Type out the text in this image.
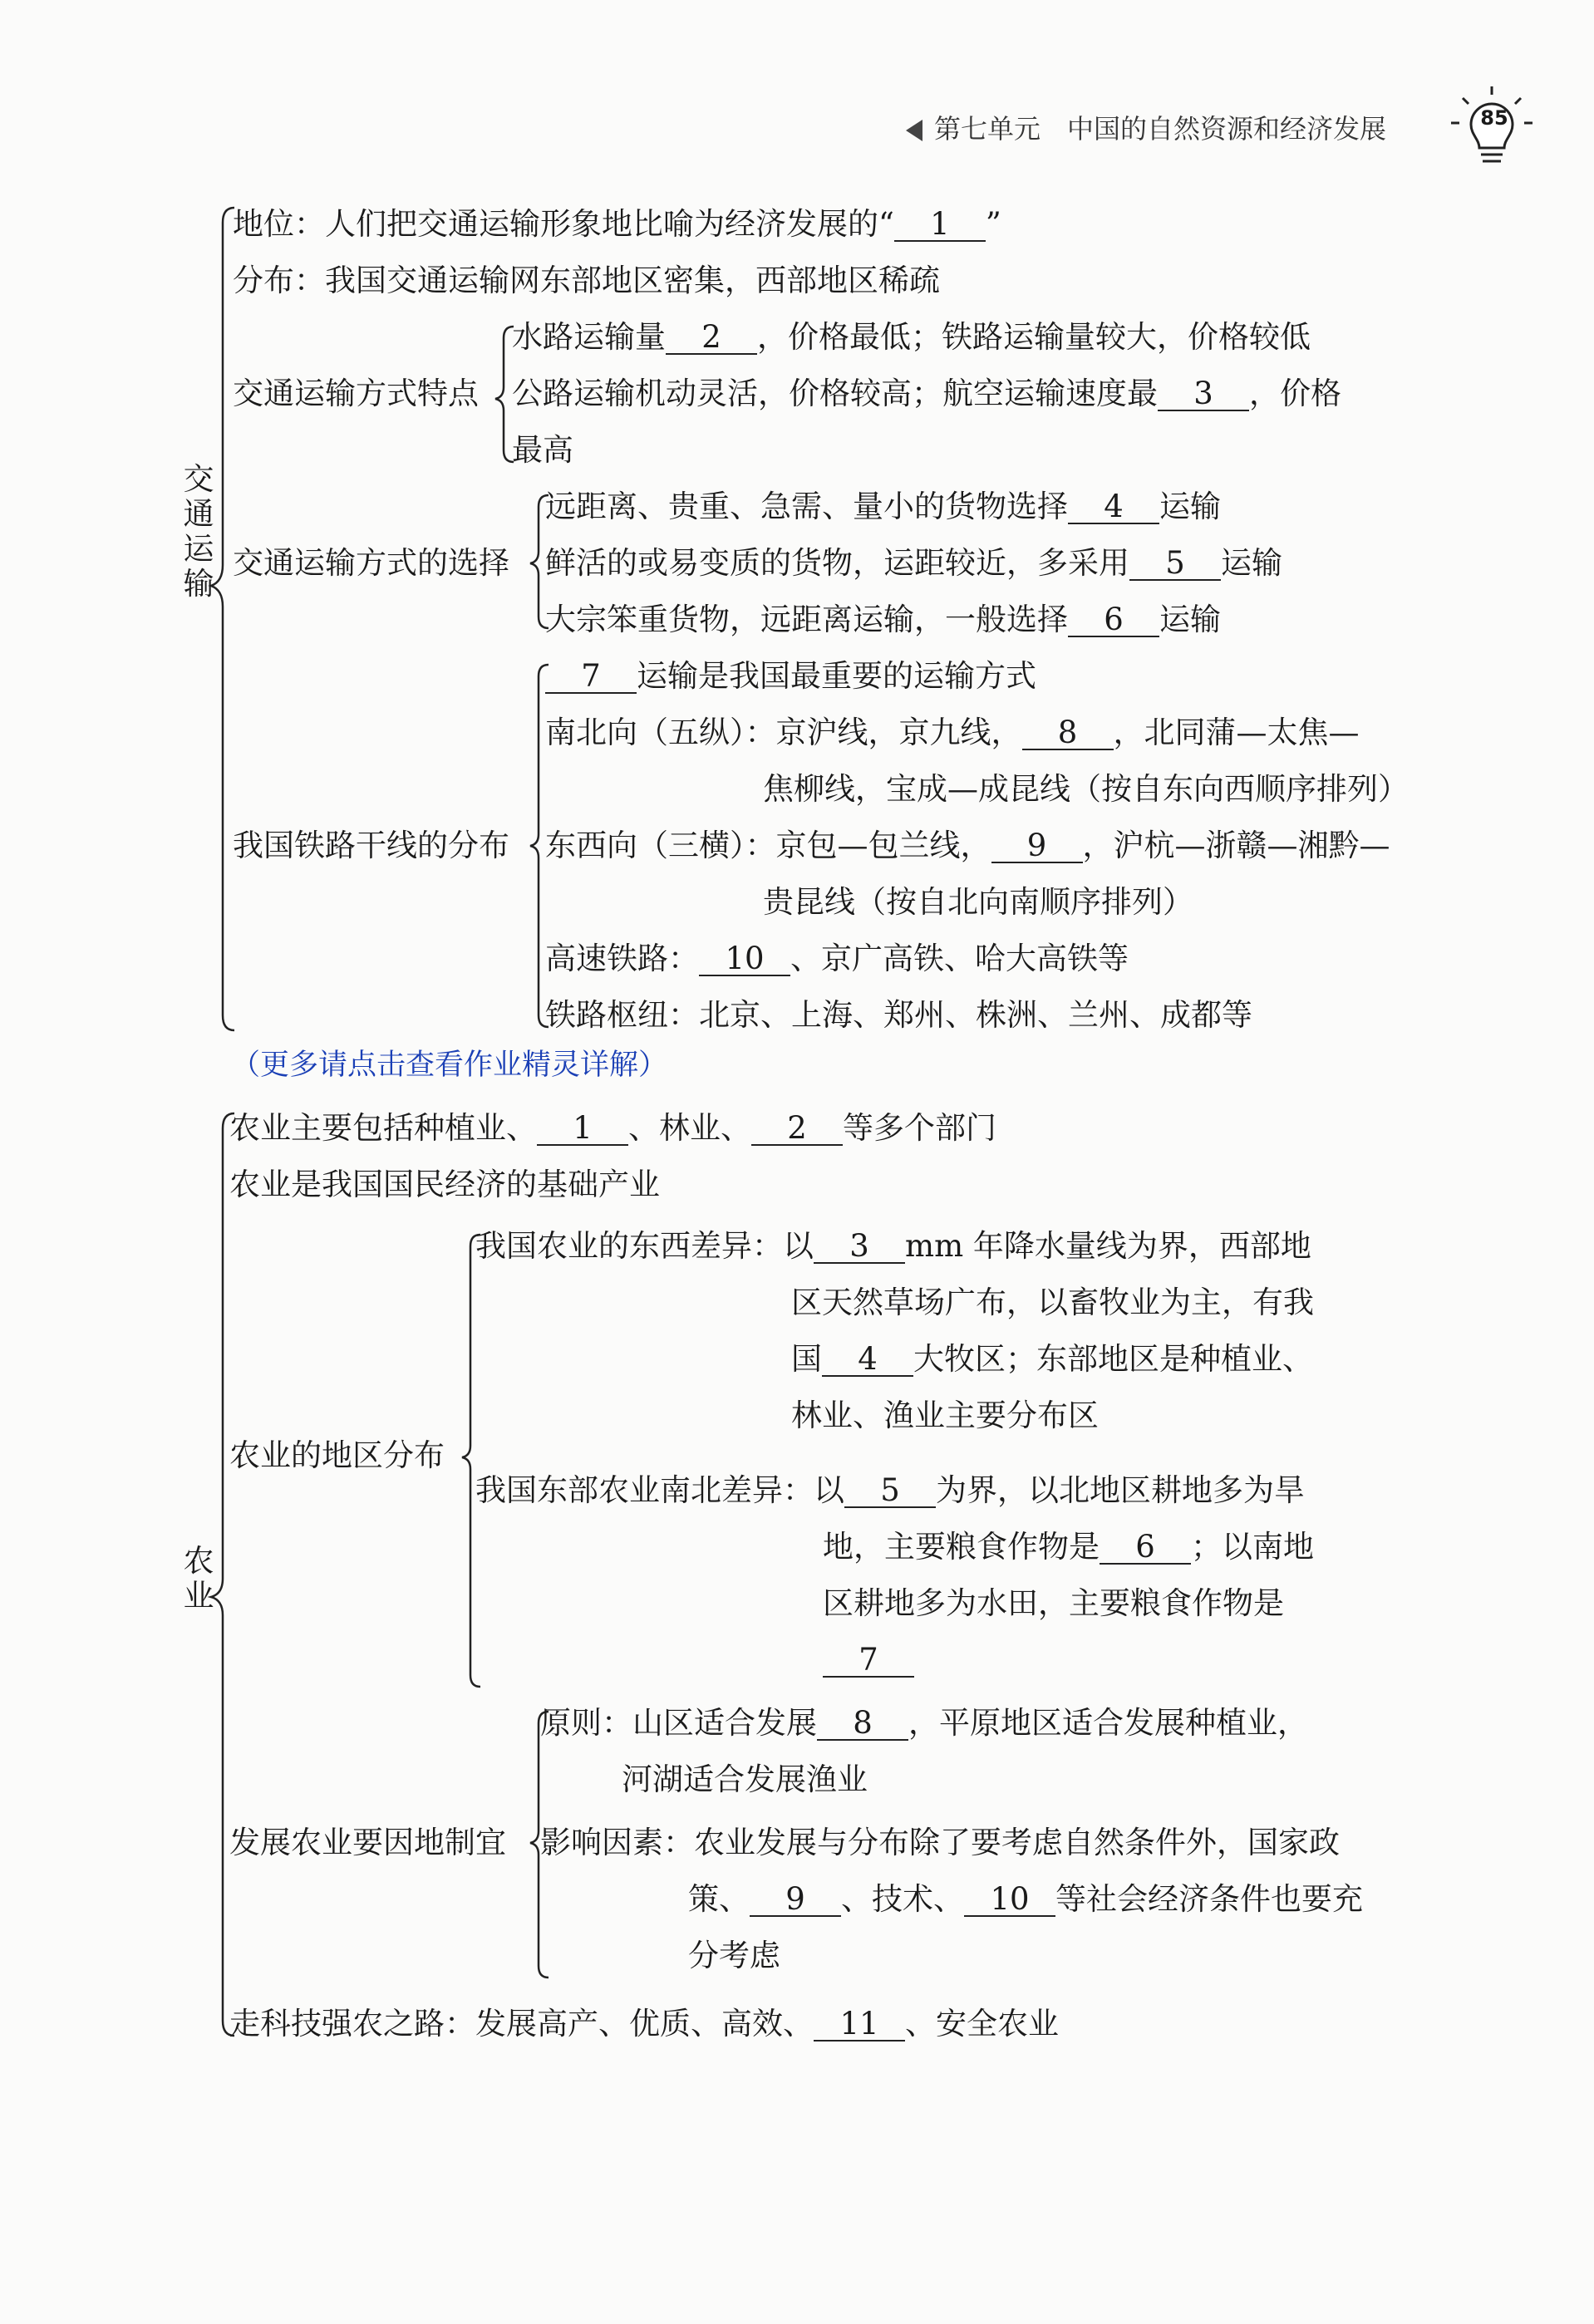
第七单元 中国的自然资源和经济发展	85
交通运输
地位：人们把交通运输形象地比喻为经济发展的“ 1 ”
分布：我国交通运输网东部地区密集，西部地区稀疏
交通运输方式特点
水路运输量 2 ，价格最低；铁路运输量较大，价格较低
公路运输机动灵活，价格较高；航空运输速度最 3 ，价格
最高
交通运输方式的选择
远距离、贵重、急需、量小的货物选择 4 运输
鲜活的或易变质的货物，运距较近，多采用 5 运输
大宗笨重货物，远距离运输，一般选择 6 运输
我国铁路干线的分布
7 运输是我国最重要的运输方式
南北向（五纵）：京沪线，京九线， 8 ，北同蒲—太焦—
焦柳线，宝成—成昆线（按自东向西顺序排列）
东西向（三横）：京包—包兰线， 9 ，沪杭—浙赣—湘黔—
贵昆线（按自北向南顺序排列）
高速铁路： 10 、京广高铁、哈大高铁等
铁路枢纽：北京、上海、郑州、株洲、兰州、成都等
（更多请点击查看作业精灵详解）
农业
农业主要包括种植业、 1 、林业、 2 等多个部门
农业是我国国民经济的基础产业
农业的地区分布
我国农业的东西差异：以 3 mm 年降水量线为界，西部地
区天然草场广布，以畜牧业为主，有我
国 4 大牧区；东部地区是种植业、
林业、渔业主要分布区
我国东部农业南北差异：以 5 为界，以北地区耕地多为旱
地，主要粮食作物是 6 ；以南地
区耕地多为水田，主要粮食作物是
7
发展农业要因地制宜
原则：山区适合发展 8 ，平原地区适合发展种植业，
河湖适合发展渔业
影响因素：农业发展与分布除了要考虑自然条件外，国家政
策、 9 、技术、 10 等社会经济条件也要充
分考虑
走科技强农之路：发展高产、优质、高效、 11 、安全农业
